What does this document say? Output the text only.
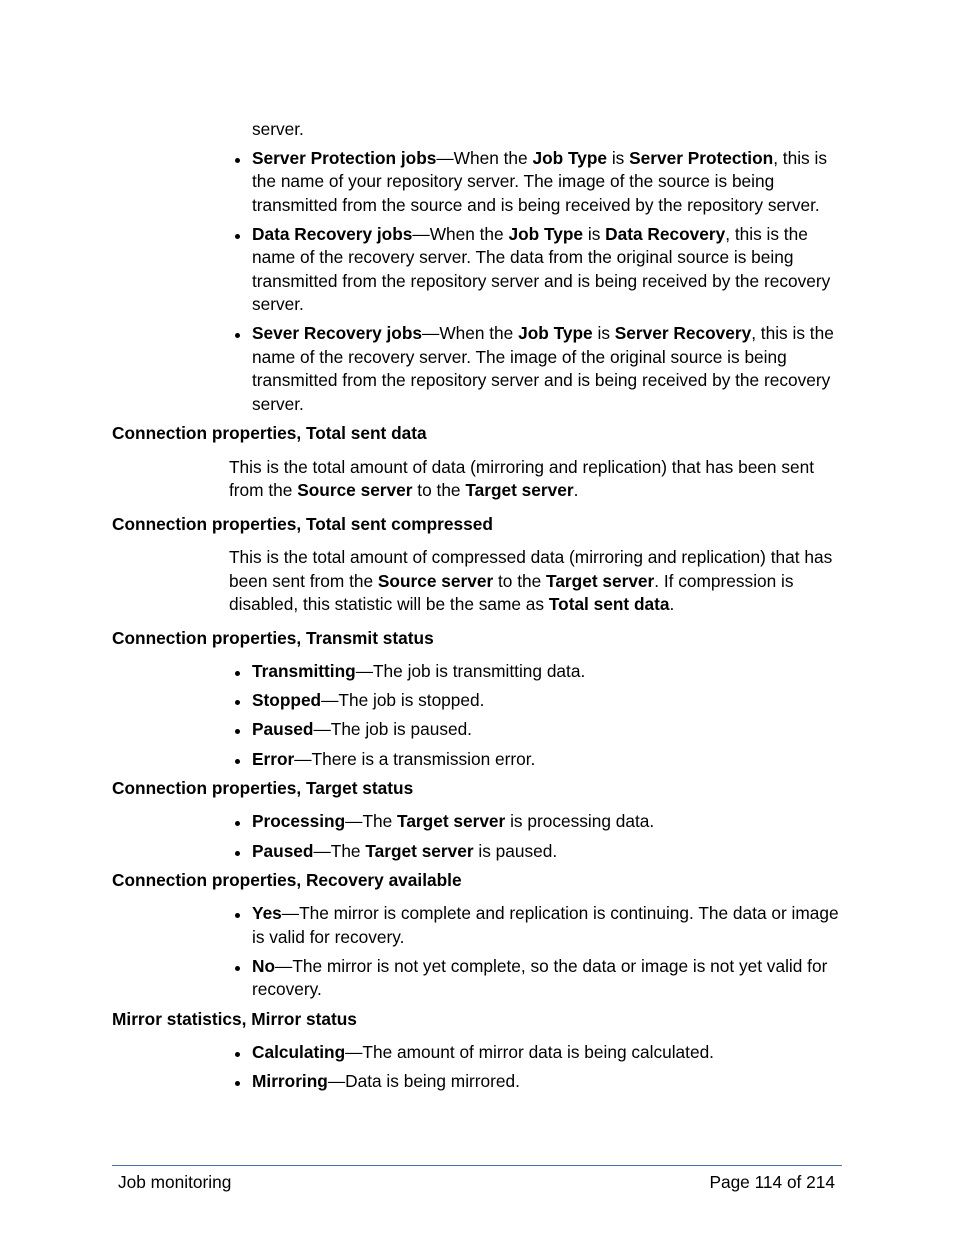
server.
Server Protection jobs—When the Job Type is Server Protection, this is the name of your repository server. The image of the source is being transmitted from the source and is being received by the repository server.
Data Recovery jobs—When the Job Type is Data Recovery, this is the name of the recovery server. The data from the original source is being transmitted from the repository server and is being received by the recovery server.
Sever Recovery jobs—When the Job Type is Server Recovery, this is the name of the recovery server. The image of the original source is being transmitted from the repository server and is being received by the recovery server.
Connection properties, Total sent data
This is the total amount of data (mirroring and replication) that has been sent from the Source server to the Target server.
Connection properties, Total sent compressed
This is the total amount of compressed data (mirroring and replication) that has been sent from the Source server to the Target server. If compression is disabled, this statistic will be the same as Total sent data.
Connection properties, Transmit status
Transmitting—The job is transmitting data.
Stopped—The job is stopped.
Paused—The job is paused.
Error—There is a transmission error.
Connection properties, Target status
Processing—The Target server is processing data.
Paused—The Target server is paused.
Connection properties, Recovery available
Yes—The mirror is complete and replication is continuing. The data or image is valid for recovery.
No—The mirror is not yet complete, so the data or image is not yet valid for recovery.
Mirror statistics, Mirror status
Calculating—The amount of mirror data is being calculated.
Mirroring—Data is being mirrored.
Job monitoring	Page 114 of 214
